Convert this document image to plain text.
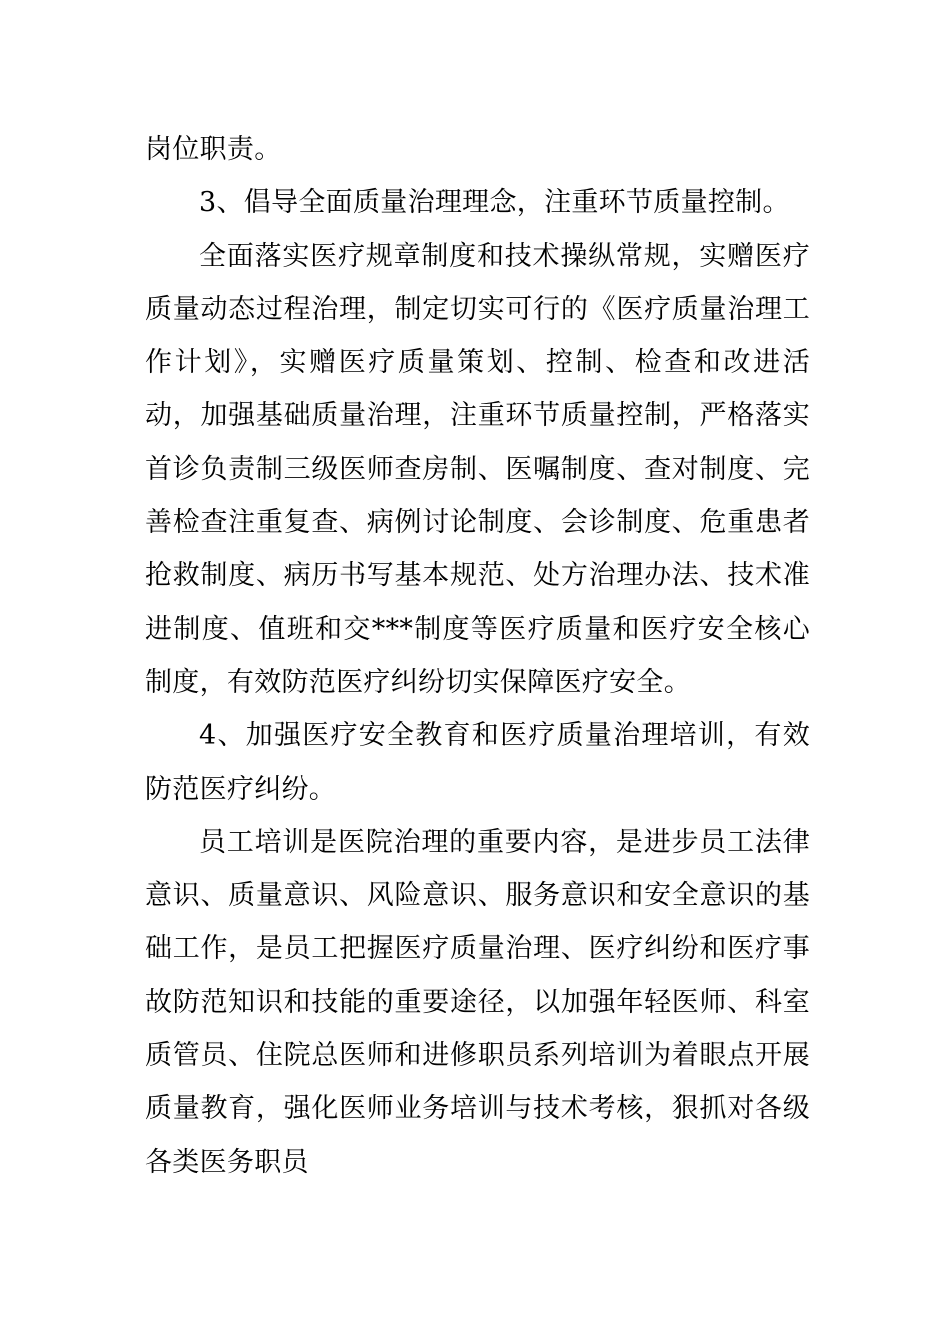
岗位职责。

3、倡导全面质量治理理念，注重环节质量控制。

全面落实医疗规章制度和技术操纵常规，实赠医疗质量动态过程治理，制定切实可行的《医疗质量治理工作计划》，实赠医疗质量策划、控制、检查和改进活动，加强基础质量治理，注重环节质量控制，严格落实首诊负责制三级医师查房制、医嘱制度、查对制度、完善检查注重复查、病例讨论制度、会诊制度、危重患者抢救制度、病历书写基本规范、处方治理办法、技术准进制度、值班和交***制度等医疗质量和医疗安全核心制度，有效防范医疗纠纷切实保障医疗安全。

4、加强医疗安全教育和医疗质量治理培训，有效防范医疗纠纷。

员工培训是医院治理的重要内容，是进步员工法律意识、质量意识、风险意识、服务意识和安全意识的基础工作，是员工把握医疗质量治理、医疗纠纷和医疗事故防范知识和技能的重要途径，以加强年轻医师、科室质管员、住院总医师和进修职员系列培训为着眼点开展质量教育，强化医师业务培训与技术考核，狠抓对各级各类医务职员
